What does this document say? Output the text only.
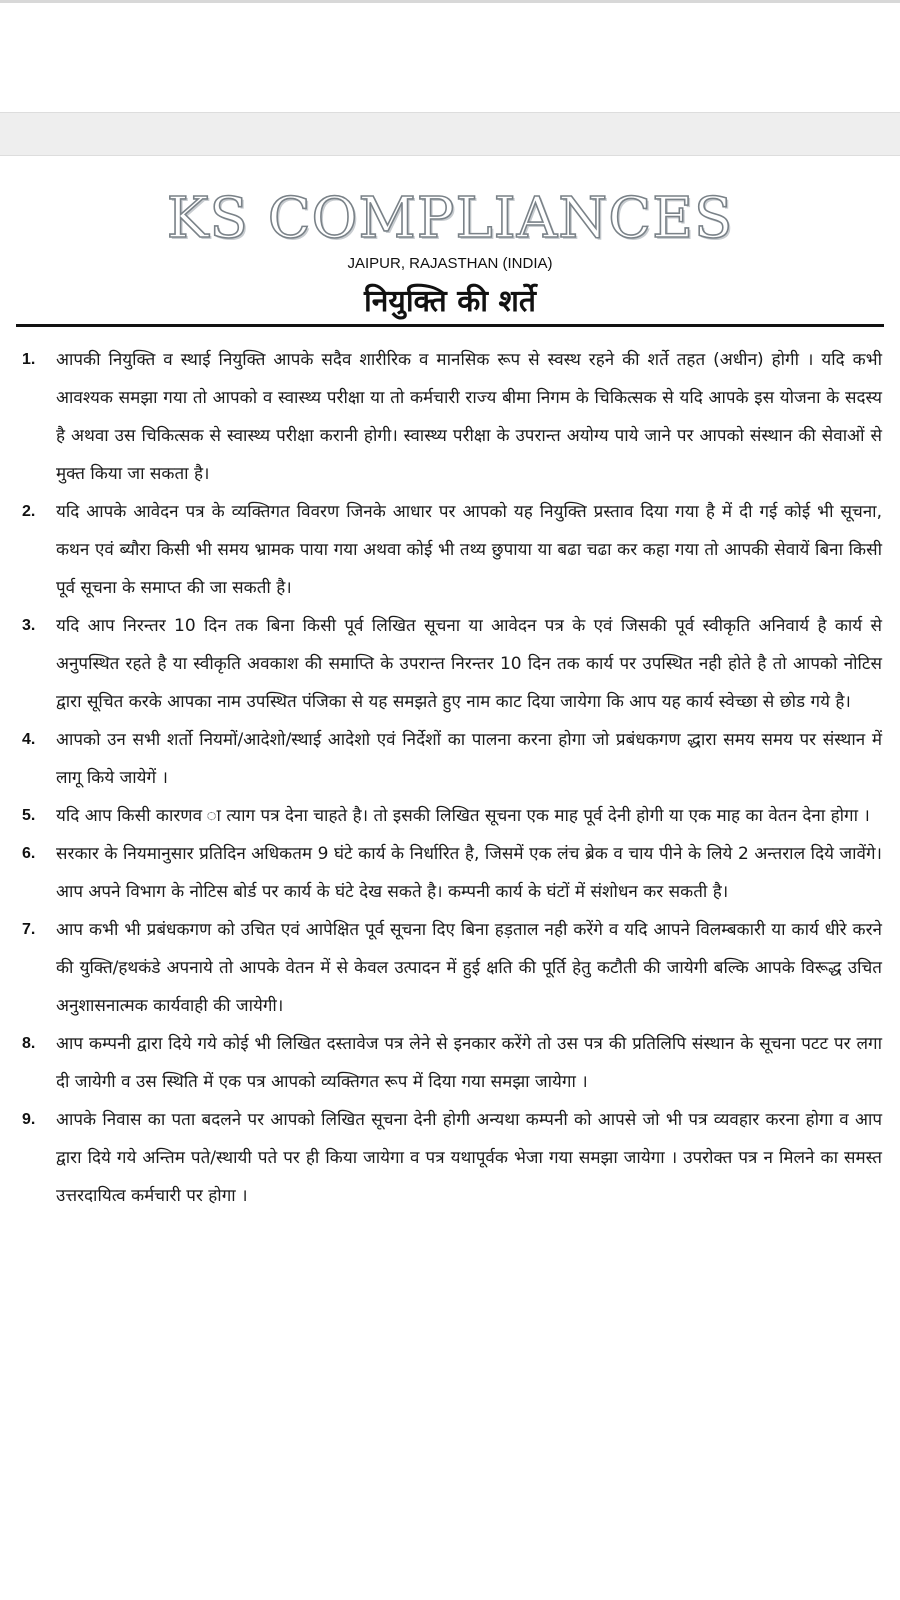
KS COMPLIANCES
JAIPUR, RAJASTHAN (INDIA)
नियुक्ति की शर्ते
1.	आपकी नियुक्ति व स्थाई नियुक्ति आपके सदैव शारीरिक व मानसिक रूप से स्वस्थ रहने की शर्ते तहत (अधीन) होगी । यदि कभी आवश्यक समझा गया तो आपको व स्वास्थ्य परीक्षा या तो कर्मचारी राज्य बीमा निगम के चिकित्सक से यदि आपके इस योजना के सदस्य है अथवा उस चिकित्सक से स्वास्थ्य परीक्षा करानी होगी। स्वास्थ्य परीक्षा के उपरान्त अयोग्य पाये जाने पर आपको संस्थान की सेवाओं से मुक्त किया जा सकता है।
2.	यदि आपके आवेदन पत्र के व्यक्तिगत विवरण जिनके आधार पर आपको यह नियुक्ति प्रस्ताव दिया गया है में दी गई कोई भी सूचना, कथन एवं ब्यौरा किसी भी समय भ्रामक पाया गया अथवा कोई भी तथ्य छुपाया या बढा चढा कर कहा गया तो आपकी सेवायें बिना किसी पूर्व सूचना के समाप्त की जा सकती है।
3.	यदि आप निरन्तर 10 दिन तक बिना किसी पूर्व लिखित सूचना या आवेदन पत्र के एवं जिसकी पूर्व स्वीकृति अनिवार्य है कार्य से अनुपस्थित रहते है या स्वीकृति अवकाश की समाप्ति के उपरान्त निरन्तर 10 दिन तक कार्य पर उपस्थित नही होते है तो आपको नोटिस द्वारा सूचित करके आपका नाम उपस्थित पंजिका से यह समझते हुए नाम काट दिया जायेगा कि आप यह कार्य स्वेच्छा से छोड गये है।
4.	आपको उन सभी शर्तो नियमों/आदेशो/स्थाई आदेशो एवं निर्देशों का पालना करना होगा जो प्रबंधकगण द्धारा समय समय पर संस्थान में लागू किये जायेगें ।
5.	यदि आप किसी कारणव ा त्याग पत्र देना चाहते है। तो इसकी लिखित सूचना एक माह पूर्व देनी होगी या एक माह का वेतन देना होगा ।
6.	सरकार के नियमानुसार प्रतिदिन अधिकतम 9 घंटे कार्य के निर्धारित है, जिसमें एक लंच ब्रेक व चाय पीने के लिये 2 अन्तराल दिये जावेंगे। आप अपने विभाग के नोटिस बोर्ड पर कार्य के घंटे देख सकते है। कम्पनी कार्य के घंटों में संशोधन कर सकती है।
7.	आप कभी भी प्रबंधकगण को उचित एवं आपेक्षित पूर्व सूचना दिए बिना हड़ताल नही करेंगे व यदि आपने विलम्बकारी या कार्य धीरे करने की युक्ति/हथकंडे अपनाये तो आपके वेतन में से केवल उत्पादन में हुई क्षति की पूर्ति हेतु कटौती की जायेगी बल्कि आपके विरूद्ध उचित अनुशासनात्मक कार्यवाही की जायेगी।
8.	आप कम्पनी द्वारा दिये गये कोई भी लिखित दस्तावेज पत्र लेने से इनकार करेंगे तो उस पत्र की प्रतिलिपि संस्थान के सूचना पटट पर लगा दी जायेगी व उस स्थिति में एक पत्र आपको व्यक्तिगत रूप में दिया गया समझा जायेगा ।
9.	आपके निवास का पता बदलने पर आपको लिखित सूचना देनी होगी अन्यथा कम्पनी को आपसे जो भी पत्र व्यवहार करना होगा व आप द्वारा दिये गये अन्तिम पते/स्थायी पते पर ही किया जायेगा व पत्र यथापूर्वक भेजा गया समझा जायेगा । उपरोक्त पत्र न मिलने का समस्त उत्तरदायित्व कर्मचारी पर होगा ।
